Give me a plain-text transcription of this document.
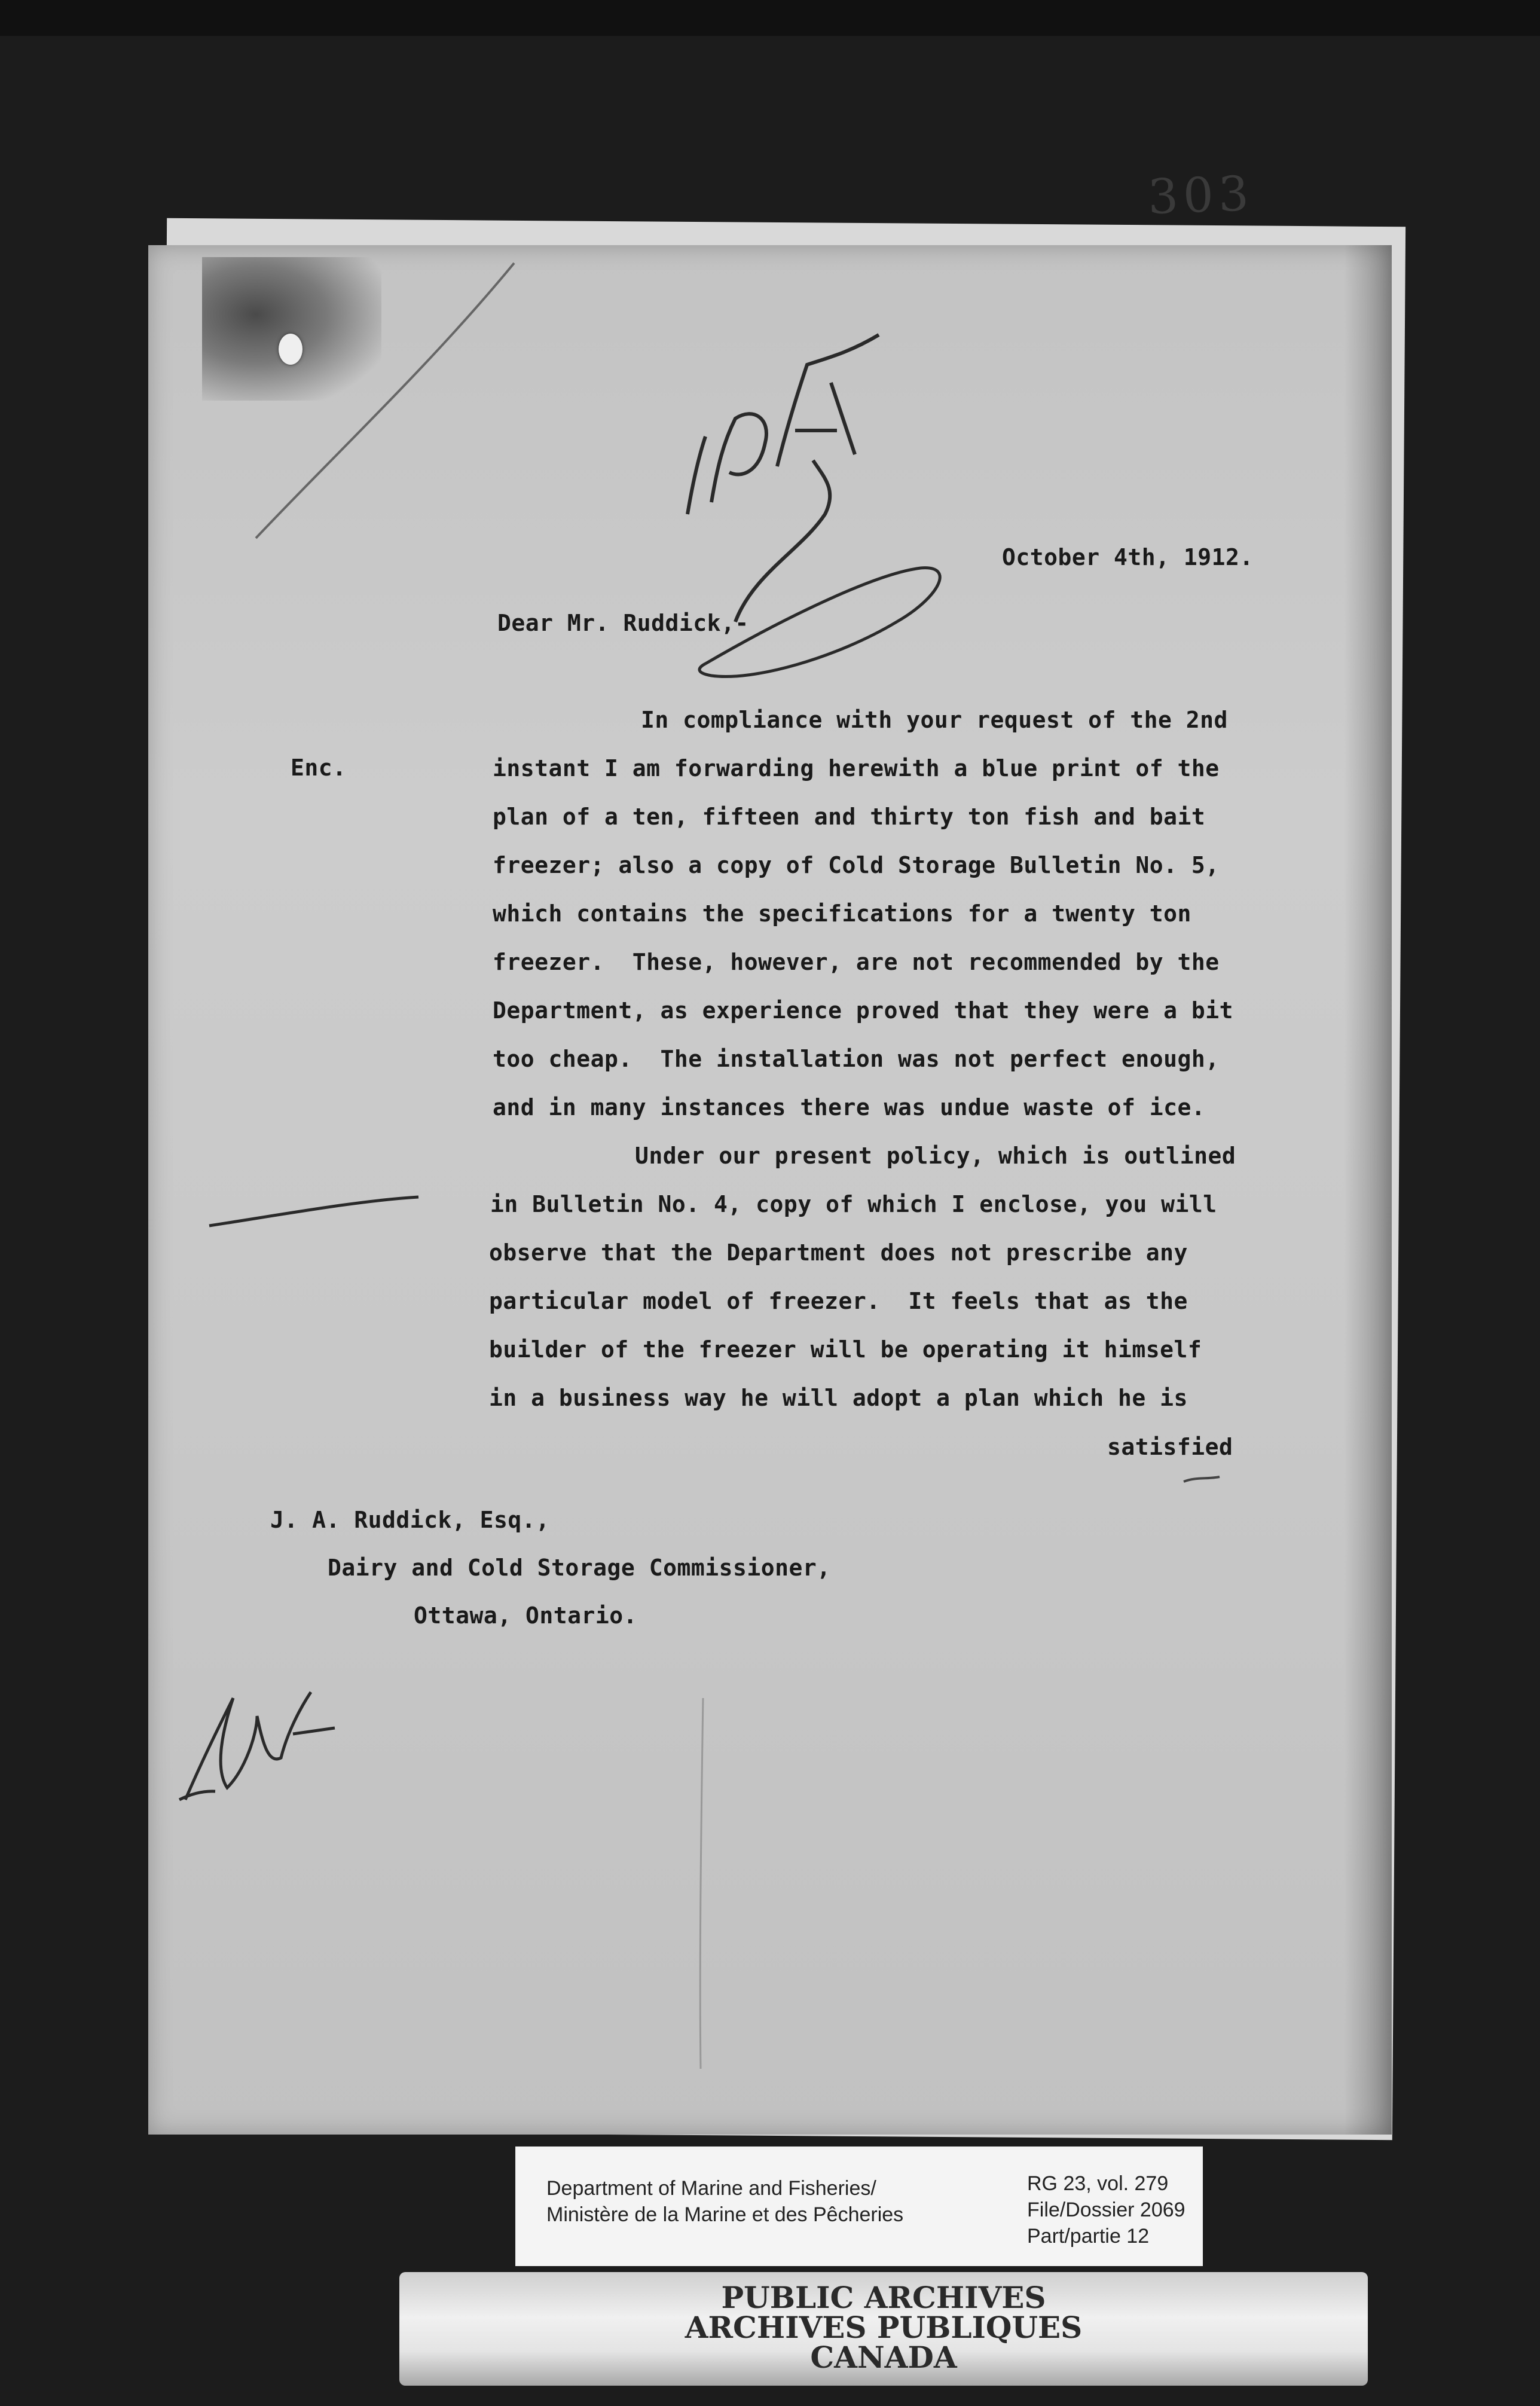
303
October 4th, 1912.
Dear Mr. Ruddick,-
Enc.
In compliance with your request of the 2nd
instant I am forwarding herewith a blue print of the
plan of a ten, fifteen and thirty ton fish and bait
freezer; also a copy of Cold Storage Bulletin No. 5,
which contains the specifications for a twenty ton
freezer.  These, however, are not recommended by the
Department, as experience proved that they were a bit
too cheap.  The installation was not perfect enough,
and in many instances there was undue waste of ice.
Under our present policy, which is outlined
in Bulletin No. 4, copy of which I enclose, you will
observe that the Department does not prescribe any
particular model of freezer.  It feels that as the
builder of the freezer will be operating it himself
in a business way he will adopt a plan which he is
satisfied
J. A. Ruddick, Esq.,
Dairy and Cold Storage Commissioner,
Ottawa, Ontario.
Department of Marine and Fisheries/
Ministère de la Marine et des Pêcheries
RG 23, vol. 279
File/Dossier 2069
Part/partie 12
PUBLIC ARCHIVES
ARCHIVES PUBLIQUES
CANADA
